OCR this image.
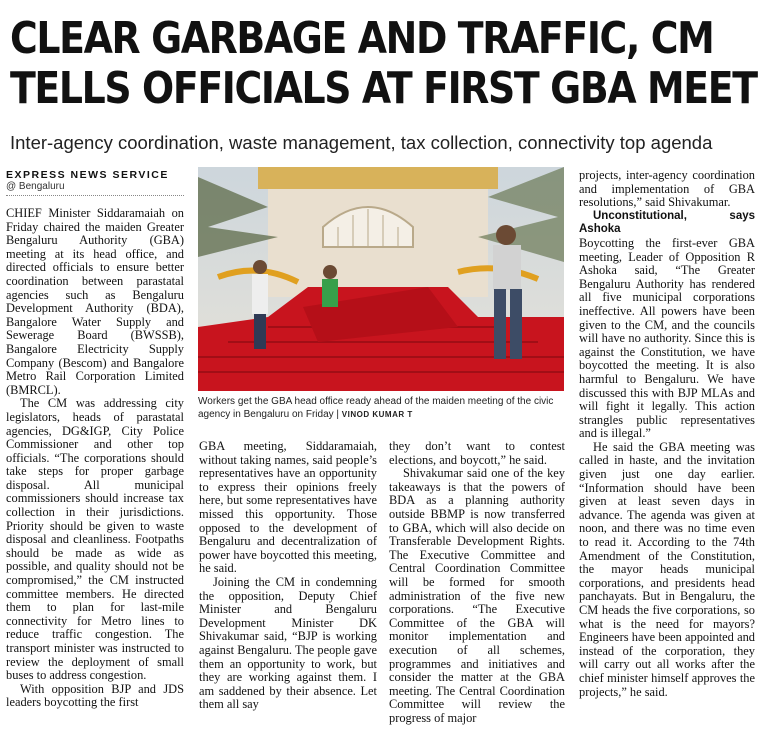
CLEAR GARBAGE AND TRAFFIC, CM
TELLS OFFICIALS AT FIRST GBA MEET
Inter-agency coordination, waste management, tax collection, connectivity top agenda
EXPRESS NEWS SERVICE
@ Bengaluru

CHIEF Minister Siddaramaiah on Friday chaired the maiden Greater Bengaluru Authority (GBA) meeting at its head office, and directed officials to ensure better coordination between parastatal agencies such as Bengaluru Development Authority (BDA), Bangalore Water Supply and Sewerage Board (BWSSB), Bangalore Electricity Supply Company (Bescom) and Bangalore Metro Rail Corporation Limited (BMRCL).

The CM was addressing city legislators, heads of parastatal agencies, DG&IGP, City Police Commissioner and other top officials. “The corporations should take steps for proper garbage disposal. All municipal commissioners should increase tax collection in their jurisdictions. Priority should be given to waste disposal and cleanliness. Footpaths should be made as wide as possible, and quality should not be compromised,” the CM instructed committee members. He directed them to plan for last-mile connectivity for Metro lines to reduce traffic congestion. The transport minister was instructed to review the deployment of small buses to address congestion.

With opposition BJP and JDS leaders boycotting the first

Workers get the GBA head office ready ahead of the maiden meeting of the civic agency in Bengaluru on Friday | VINOD KUMAR T

GBA meeting, Siddaramaiah, without taking names, said people’s representatives have an opportunity to express their opinions freely here, but some representatives have missed this opportunity. Those opposed to the development of Bengaluru and decentralization of power have boycotted this meeting, he said.

Joining the CM in condemning the opposition, Deputy Chief Minister and Bengaluru Development Minister DK Shivakumar said, “BJP is working against Bengaluru. The people gave them an opportunity to work, but they are working against them. I am saddened by their absence. Let them all say

they don’t want to contest elections, and boycott,” he said.

Shivakumar said one of the key takeaways is that the powers of BDA as a planning authority outside BBMP is now transferred to GBA, which will also decide on Transferable Development Rights. The Executive Committee and Central Coordination Committee will be formed for smooth administration of the five new corporations. “The Executive Committee of the GBA will monitor implementation and execution of all schemes, programmes and initiatives and consider the matter at the GBA meeting. The Central Coordination Committee will review the progress of major

projects, inter-agency coordination and implementation of GBA resolutions,” said Shivakumar.

Unconstitutional, says Ashoka

Boycotting the first-ever GBA meeting, Leader of Opposition R Ashoka said, “The Greater Bengaluru Authority has rendered all five municipal corporations ineffective. All powers have been given to the CM, and the councils will have no authority. Since this is against the Constitution, we have boycotted the meeting. It is also harmful to Bengaluru. We have discussed this with BJP MLAs and will fight it legally. This action strangles public representatives and is illegal.”

He said the GBA meeting was called in haste, and the invitation given just one day earlier. “Information should have been given at least seven days in advance. The agenda was given at noon, and there was no time even to read it. According to the 74th Amendment of the Constitution, the mayor heads municipal corporations, and presidents head panchayats. But in Bengaluru, the CM heads the five corporations, so what is the need for mayors? Engineers have been appointed and instead of the corporation, they will carry out all works after the chief minister himself approves the projects,” he said.
